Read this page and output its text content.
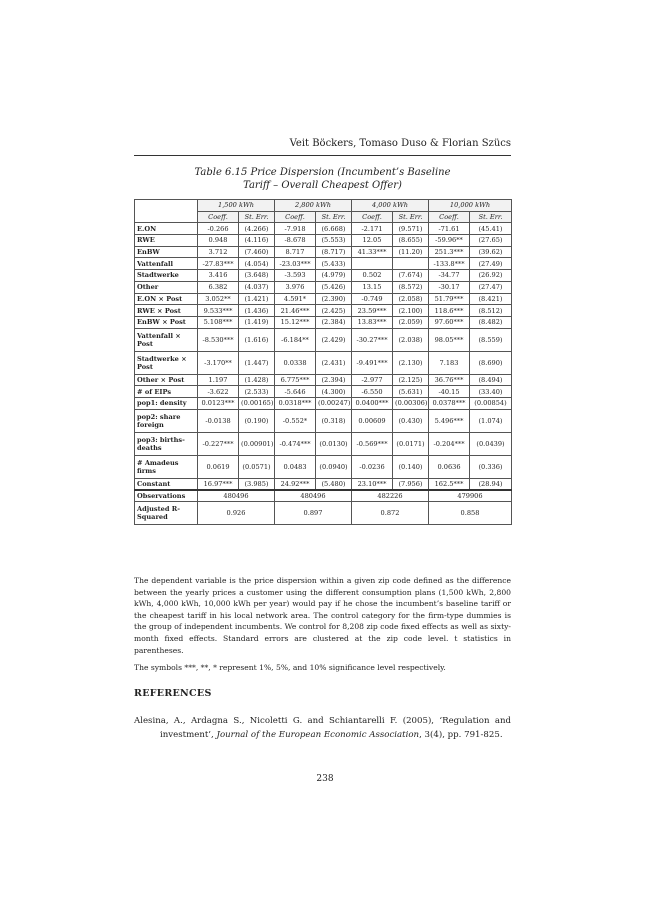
Veit Böckers, Tomaso Duso & Florian Szücs
Table 6.15 Price Dispersion (Incumbent’s Baseline
Tariff – Overall Cheapest Offer)
	1,500 kWh		2,800 kWh		4,000 kWh		10,000 kWh	
	Coeff.	St. Err.	Coeff.	St. Err.	Coeff.	St. Err.	Coeff.	St. Err.
E.ON	-0.266	(4.266)	-7.918	(6.668)	-2.171	(9.571)	-71.61	(45.41)
RWE	0.948	(4.116)	-8.678	(5.553)	12.05	(8.655)	-59.96**	(27.65)
EnBW	3.712	(7.460)	8.717	(8.717)	41.33***	(11.20)	251.3***	(39.62)
Vattenfall	-27.83***	(4.054)	-23.03***	(5.433)			-133.8***	(27.49)
Stadtwerke	3.416	(3.648)	-3.593	(4.979)	0.502	(7.674)	-34.77	(26.92)
Other	6.382	(4.037)	3.976	(5.426)	13.15	(8.572)	-30.17	(27.47)
E.ON × Post	3.052**	(1.421)	4.591*	(2.390)	-0.749	(2.058)	51.79***	(8.421)
RWE × Post	9.533***	(1.436)	21.46***	(2.425)	23.59***	(2.100)	118.6***	(8.512)
EnBW × Post	5.108***	(1.419)	15.12***	(2.384)	13.83***	(2.059)	97.60***	(8.482)
Vattenfall × Post	-8.530***	(1.616)	-6.184**	(2.429)	-30.27***	(2.038)	98.05***	(8.559)
Stadtwerke × Post	-3.170**	(1.447)	0.0338	(2.431)	-9.491***	(2.130)	7.183	(8.690)
Other × Post	1.197	(1.428)	6.775***	(2.394)	-2.977	(2.125)	36.76***	(8.494)
# of EIPs	-3.622	(2.533)	-5.646	(4.300)	-6.550	(5.631)	-40.15	(33.40)
pop1: density	0.0123***	(0.00165)	0.0318***	(0.00247)	0.0400***	(0.00306)	0.0378***	(0.00854)
pop2: share foreign	-0.0138	(0.190)	-0.552*	(0.318)	0.00609	(0.430)	5.496***	(1.074)
pop3: births-deaths	-0.227***	(0.00901)	-0.474***	(0.0130)	-0.569***	(0.0171)	-0.204***	(0.0439)
# Amadeus firms	0.0619	(0.0571)	0.0483	(0.0940)	-0.0236	(0.140)	0.0636	(0.336)
Constant	16.97***	(3.985)	24.92***	(5.480)	23.10***	(7.956)	162.5***	(28.94)
Observations	480496		480496		482226		479906	
Adjusted R-Squared	0.926		0.897		0.872		0.858	

The dependent variable is the price dispersion within a given zip code defined as the difference between the yearly prices a customer using the different consumption plans (1,500 kWh, 2,800 kWh, 4,000 kWh, 10,000 kWh per year) would pay if he chose the incumbent’s baseline tariff or the cheapest tariff in his local network area. The control category for the firm-type dummies is the group of independent incumbents. We control for 8,208 zip code fixed effects as well as sixty-month fixed effects. Standard errors are clustered at the zip code level. t statistics in parentheses.

The symbols ***, **, * represent 1%, 5%, and 10% significance level respectively.

REFERENCES
Alesina, A., Ardagna S., Nicoletti G. and Schiantarelli F. (2005), ‘Regulation and investment’, Journal of the European Economic Association, 3(4), pp. 791-825.
238
